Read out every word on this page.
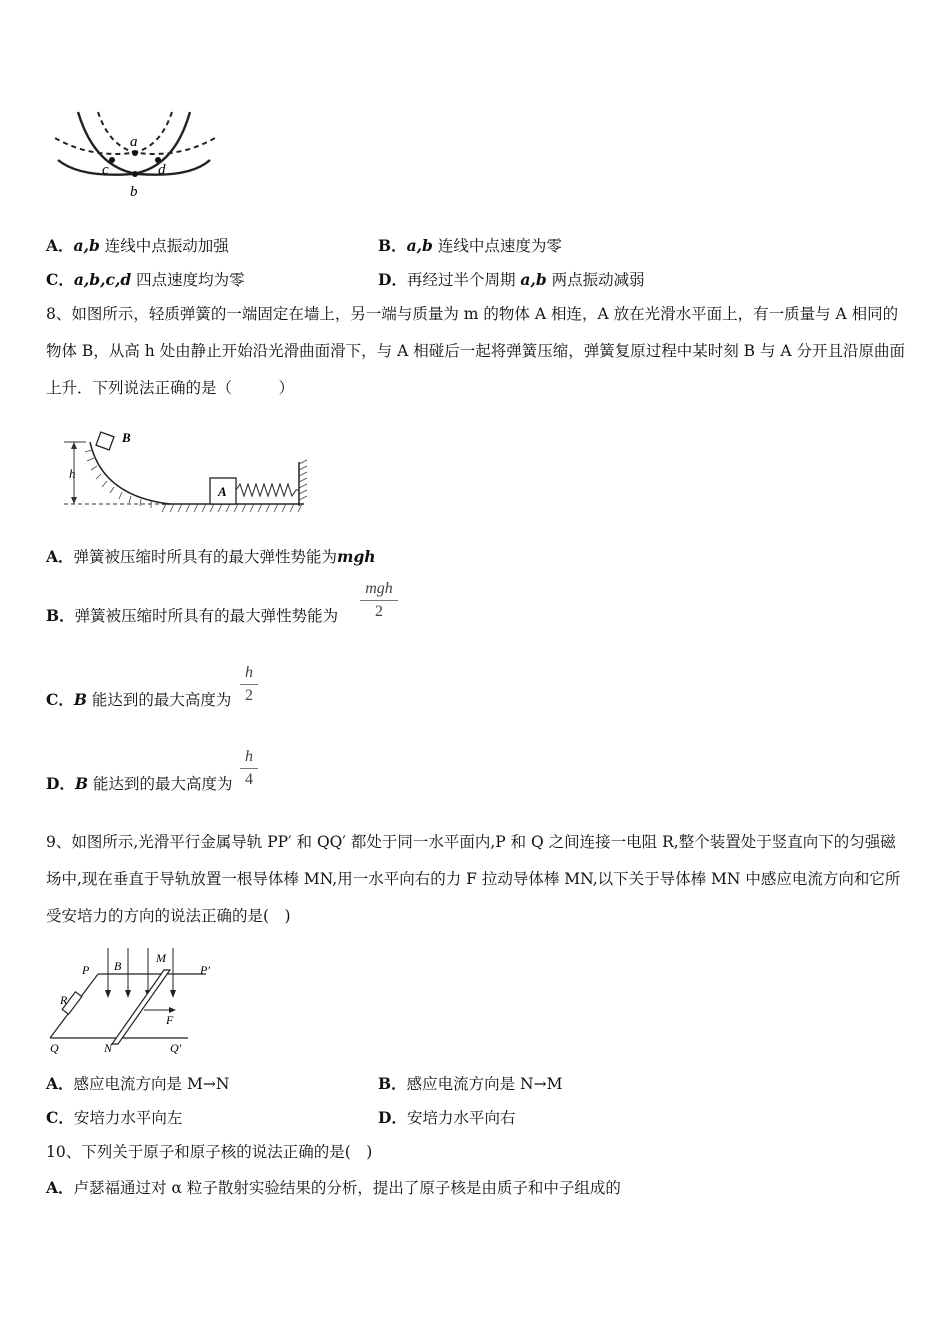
a
b
c	d
A．a,b 连线中点振动加强	B．a,b 连线中点速度为零
C．a,b,c,d 四点速度均为零	D．再经过半个周期 a,b 两点振动减弱
8、如图所示，轻质弹簧的一端固定在墙上，另一端与质量为 m 的物体 A 相连，A 放在光滑水平面上，有一质量与 A 相同的物体 B，从高 h 处由静止开始沿光滑曲面滑下，与 A 相碰后一起将弹簧压缩，弹簧复原过程中某时刻 B 与 A 分开且沿原曲面上升．下列说法正确的是（　　　）
h
B
A
A．弹簧被压缩时所具有的最大弹性势能为mgh
B．弹簧被压缩时所具有的最大弹性势能为
mgh
2
C．B 能达到的最大高度为 $\frac{h}{2}$
D．B 能达到的最大高度为 $\frac{h}{4}$
9、如图所示,光滑平行金属导轨 PP′ 和 QQ′ 都处于同一水平面内,P 和 Q 之间连接一电阻 R,整个装置处于竖直向下的匀强磁场中,现在垂直于导轨放置一根导体棒 MN,用一水平向右的力 F 拉动导体棒 MN,以下关于导体棒 MN 中感应电流方向和它所受安培力的方向的说法正确的是(　)
P B
M
P′
R
F
Q	N	Q′
A．感应电流方向是 M→N	B．感应电流方向是 N→M
C．安培力水平向左	D．安培力水平向右
10、下列关于原子和原子核的说法正确的是(　)
A．卢瑟福通过对 α 粒子散射实验结果的分析，提出了原子核是由质子和中子组成的
